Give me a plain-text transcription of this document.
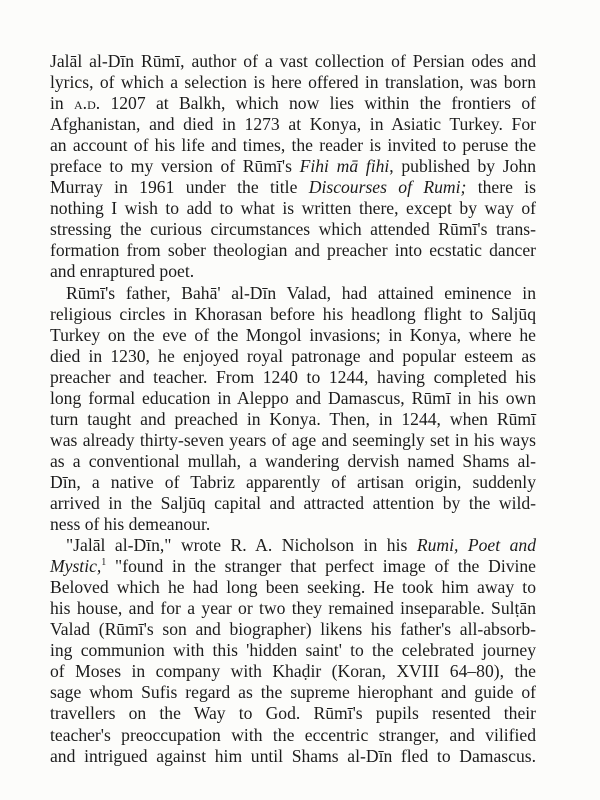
Jalāl al-Dīn Rūmī, author of a vast collection of Persian odes and
lyrics, of which a selection is here offered in translation, was born
in a.d. 1207 at Balkh, which now lies within the frontiers of
Afghanistan, and died in 1273 at Konya, in Asiatic Turkey. For
an account of his life and times, the reader is invited to peruse the
preface to my version of Rūmī's Fihi mā fihi, published by John
Murray in 1961 under the title Discourses of Rumi; there is
nothing I wish to add to what is written there, except by way of
stressing the curious circumstances which attended Rūmī's trans-
formation from sober theologian and preacher into ecstatic dancer
and enraptured poet.
Rūmī's father, Bahā' al-Dīn Valad, had attained eminence in
religious circles in Khorasan before his headlong flight to Saljūq
Turkey on the eve of the Mongol invasions; in Konya, where he
died in 1230, he enjoyed royal patronage and popular esteem as
preacher and teacher. From 1240 to 1244, having completed his
long formal education in Aleppo and Damascus, Rūmī in his own
turn taught and preached in Konya. Then, in 1244, when Rūmī
was already thirty-seven years of age and seemingly set in his ways
as a conventional mullah, a wandering dervish named Shams al-
Dīn, a native of Tabriz apparently of artisan origin, suddenly
arrived in the Saljūq capital and attracted attention by the wild-
ness of his demeanour.
"Jalāl al-Dīn," wrote R. A. Nicholson in his Rumi, Poet and
Mystic,$^1$ "found in the stranger that perfect image of the Divine
Beloved which he had long been seeking. He took him away to
his house, and for a year or two they remained inseparable. Sulṭān
Valad (Rūmī's son and biographer) likens his father's all-absorb-
ing communion with this 'hidden saint' to the celebrated journey
of Moses in company with Khaḍir (Koran, XVIII 64–80), the
sage whom Sufis regard as the supreme hierophant and guide of
travellers on the Way to God. Rūmī's pupils resented their
teacher's preoccupation with the eccentric stranger, and vilified
and intrigued against him until Shams al-Dīn fled to Damascus.
